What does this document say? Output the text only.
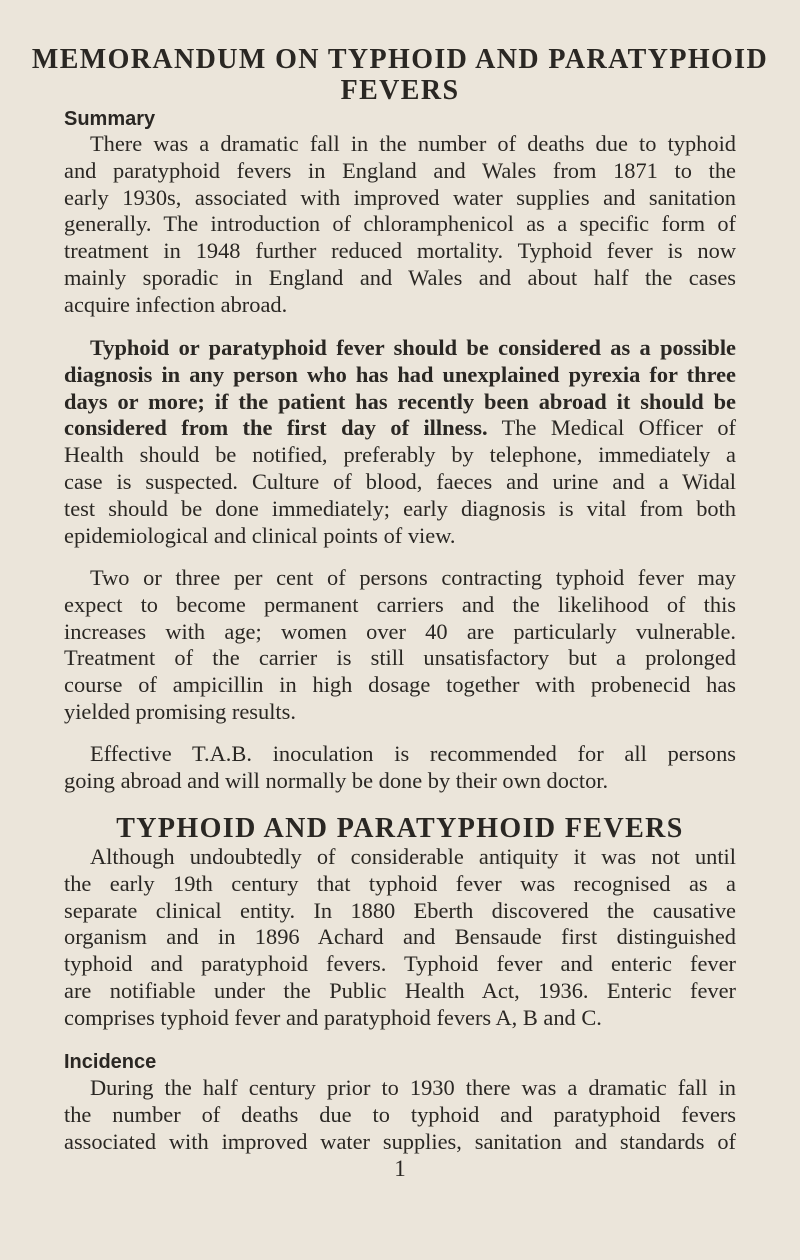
MEMORANDUM ON TYPHOID AND PARATYPHOID
FEVERS
Summary

There was a dramatic fall in the number of deaths due to typhoid
and paratyphoid fevers in England and Wales from 1871 to the
early 1930s, associated with improved water supplies and sanitation
generally. The introduction of chloramphenicol as a specific form of
treatment in 1948 further reduced mortality. Typhoid fever is now
mainly sporadic in England and Wales and about half the cases
acquire infection abroad.

Typhoid or paratyphoid fever should be considered as a possible
diagnosis in any person who has had unexplained pyrexia for three
days or more; if the patient has recently been abroad it should be
considered from the first day of illness. The Medical Officer of
Health should be notified, preferably by telephone, immediately a
case is suspected. Culture of blood, faeces and urine and a Widal
test should be done immediately; early diagnosis is vital from both
epidemiological and clinical points of view.

Two or three per cent of persons contracting typhoid fever may
expect to become permanent carriers and the likelihood of this
increases with age; women over 40 are particularly vulnerable.
Treatment of the carrier is still unsatisfactory but a prolonged
course of ampicillin in high dosage together with probenecid has
yielded promising results.

Effective T.A.B. inoculation is recommended for all persons
going abroad and will normally be done by their own doctor.

TYPHOID AND PARATYPHOID FEVERS

Although undoubtedly of considerable antiquity it was not until
the early 19th century that typhoid fever was recognised as a
separate clinical entity. In 1880 Eberth discovered the causative
organism and in 1896 Achard and Bensaude first distinguished
typhoid and paratyphoid fevers. Typhoid fever and enteric fever
are notifiable under the Public Health Act, 1936. Enteric fever
comprises typhoid fever and paratyphoid fevers A, B and C.

Incidence

During the half century prior to 1930 there was a dramatic fall in
the number of deaths due to typhoid and paratyphoid fevers
associated with improved water supplies, sanitation and standards of

1
